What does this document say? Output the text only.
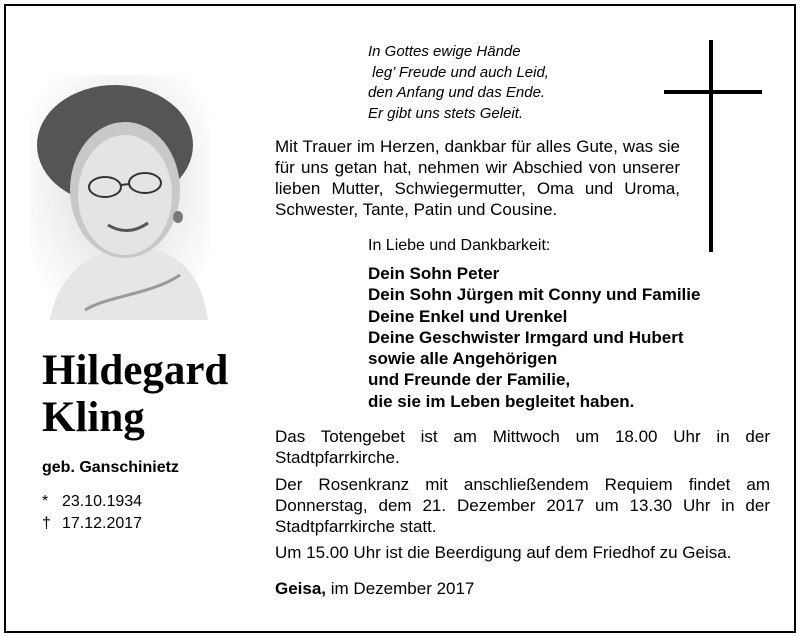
Hildegard
Kling
geb. Ganschinietz
* 23.10.1934
† 17.12.2017
In Gottes ewige Hände
leg’ Freude und auch Leid,
den Anfang und das Ende.
Er gibt uns stets Geleit.
Mit Trauer im Herzen, dankbar für alles Gute, was sie für uns getan hat, nehmen wir Abschied von unserer lieben Mutter, Schwiegermutter, Oma und Uroma, Schwester, Tante, Patin und Cousine.
In Liebe und Dankbarkeit:
Dein Sohn Peter
Dein Sohn Jürgen mit Conny und Familie
Deine Enkel und Urenkel
Deine Geschwister Irmgard und Hubert
sowie alle Angehörigen
und Freunde der Familie,
die sie im Leben begleitet haben.
Das Totengebet ist am Mittwoch um 18.00 Uhr in der Stadtpfarrkirche.
Der Rosenkranz mit anschließendem Requiem findet am Donnerstag, dem 21. Dezember 2017 um 13.30 Uhr in der Stadtpfarrkirche statt.
Um 15.00 Uhr ist die Beerdigung auf dem Friedhof zu Geisa.
Geisa, im Dezember 2017
